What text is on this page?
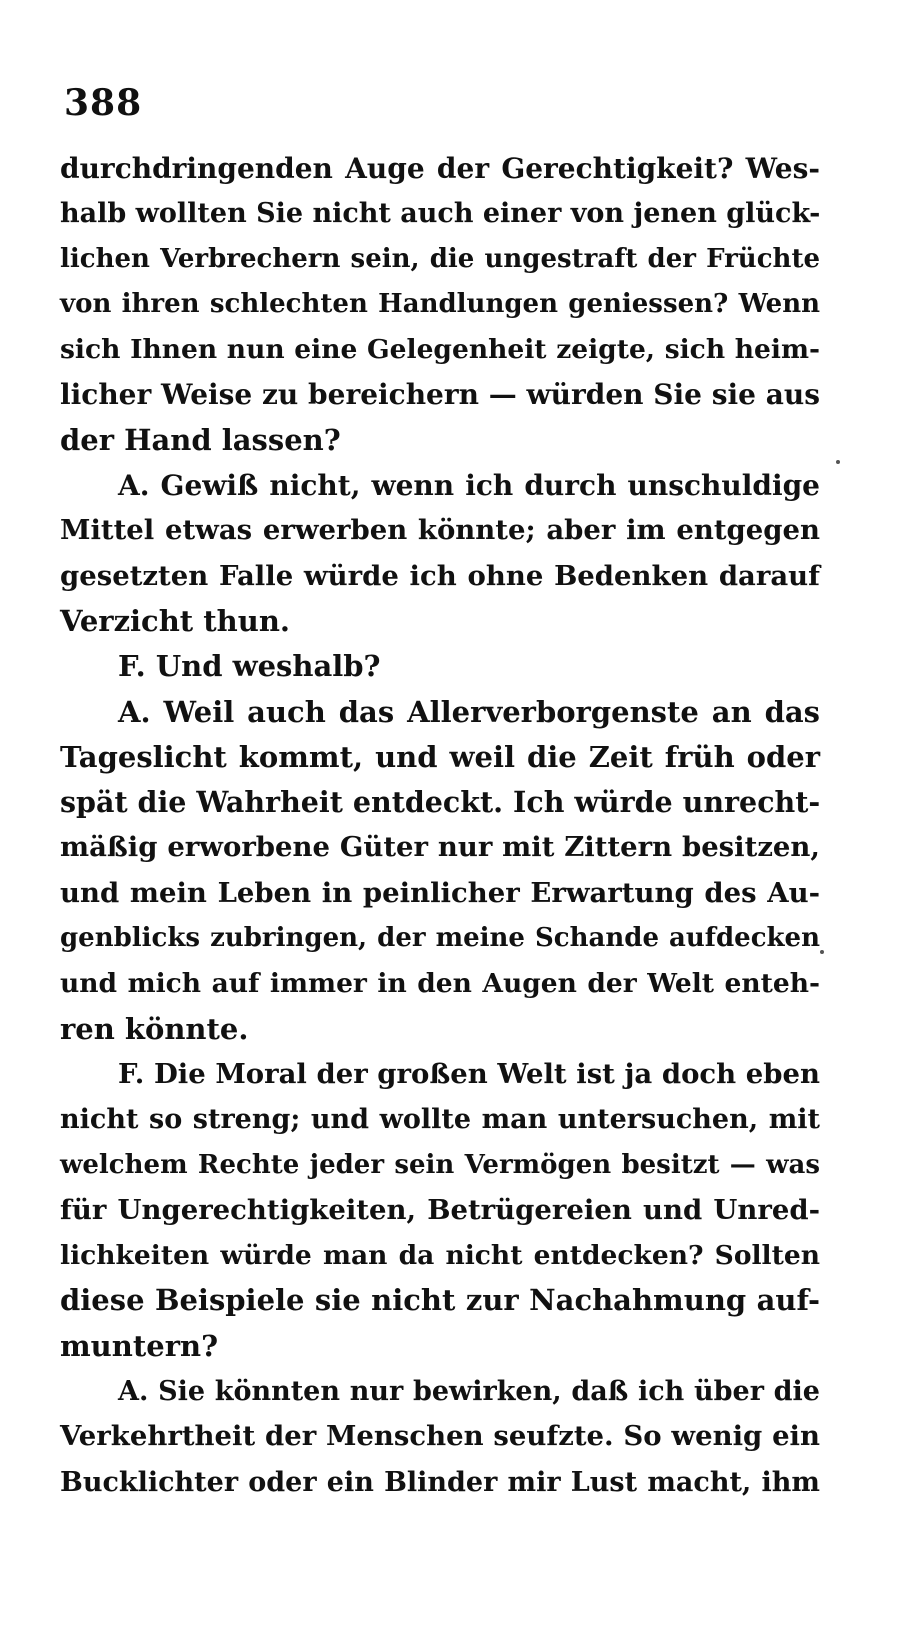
388
durchdringenden Auge der Gerechtigkeit? Wes-
halb wollten Sie nicht auch einer von jenen glück-
lichen Verbrechern sein, die ungestraft der Früchte
von ihren schlechten Handlungen geniessen? Wenn
sich Ihnen nun eine Gelegenheit zeigte, sich heim-
licher Weise zu bereichern — würden Sie sie aus
der Hand lassen?
A. Gewiß nicht, wenn ich durch unschuldige
Mittel etwas erwerben könnte; aber im entgegen
gesetzten Falle würde ich ohne Bedenken darauf
Verzicht thun.
F. Und weshalb?
A. Weil auch das Allerverborgenste an das
Tageslicht kommt, und weil die Zeit früh oder
spät die Wahrheit entdeckt. Ich würde unrecht-
mäßig erworbene Güter nur mit Zittern besitzen,
und mein Leben in peinlicher Erwartung des Au-
genblicks zubringen, der meine Schande aufdecken
und mich auf immer in den Augen der Welt enteh-
ren könnte.
F. Die Moral der großen Welt ist ja doch eben
nicht so streng; und wollte man untersuchen, mit
welchem Rechte jeder sein Vermögen besitzt — was
für Ungerechtigkeiten, Betrügereien und Unred-
lichkeiten würde man da nicht entdecken? Sollten
diese Beispiele sie nicht zur Nachahmung auf-
muntern?
A. Sie könnten nur bewirken, daß ich über die
Verkehrtheit der Menschen seufzte. So wenig ein
Bucklichter oder ein Blinder mir Lust macht, ihm
